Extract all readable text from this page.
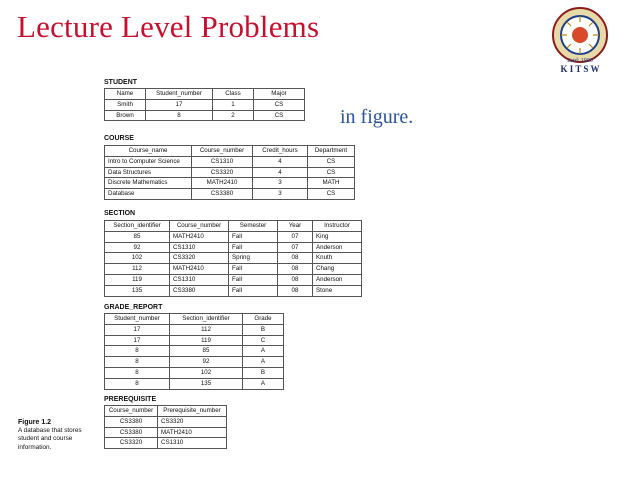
Lecture Level Problems
in figure.
Estd: 1980
K I T S W
STUDENT
Name	Student_number	Class	Major
Smith	17	1	CS
Brown	8	2	CS
COURSE
Course_name	Course_number	Credit_hours	Department
Intro to Computer Science	CS1310	4	CS
Data Structures	CS3320	4	CS
Discrete Mathematics	MATH2410	3	MATH
Database	CS3380	3	CS
SECTION
Section_identifier	Course_number	Semester	Year	Instructor
85	MATH2410	Fall	07	King
92	CS1310	Fall	07	Anderson
102	CS3320	Spring	08	Knuth
112	MATH2410	Fall	08	Chang
119	CS1310	Fall	08	Anderson
135	CS3380	Fall	08	Stone
GRADE_REPORT
Student_number	Section_identifier	Grade
17	112	B
17	119	C
8	85	A
8	92	A
8	102	B
8	135	A
PREREQUISITE
Course_number	Prerequisite_number
CS3380	CS3320
CS3380	MATH2410
CS3320	CS1310
Figure 1.2
A database that stores
student and course
information.
